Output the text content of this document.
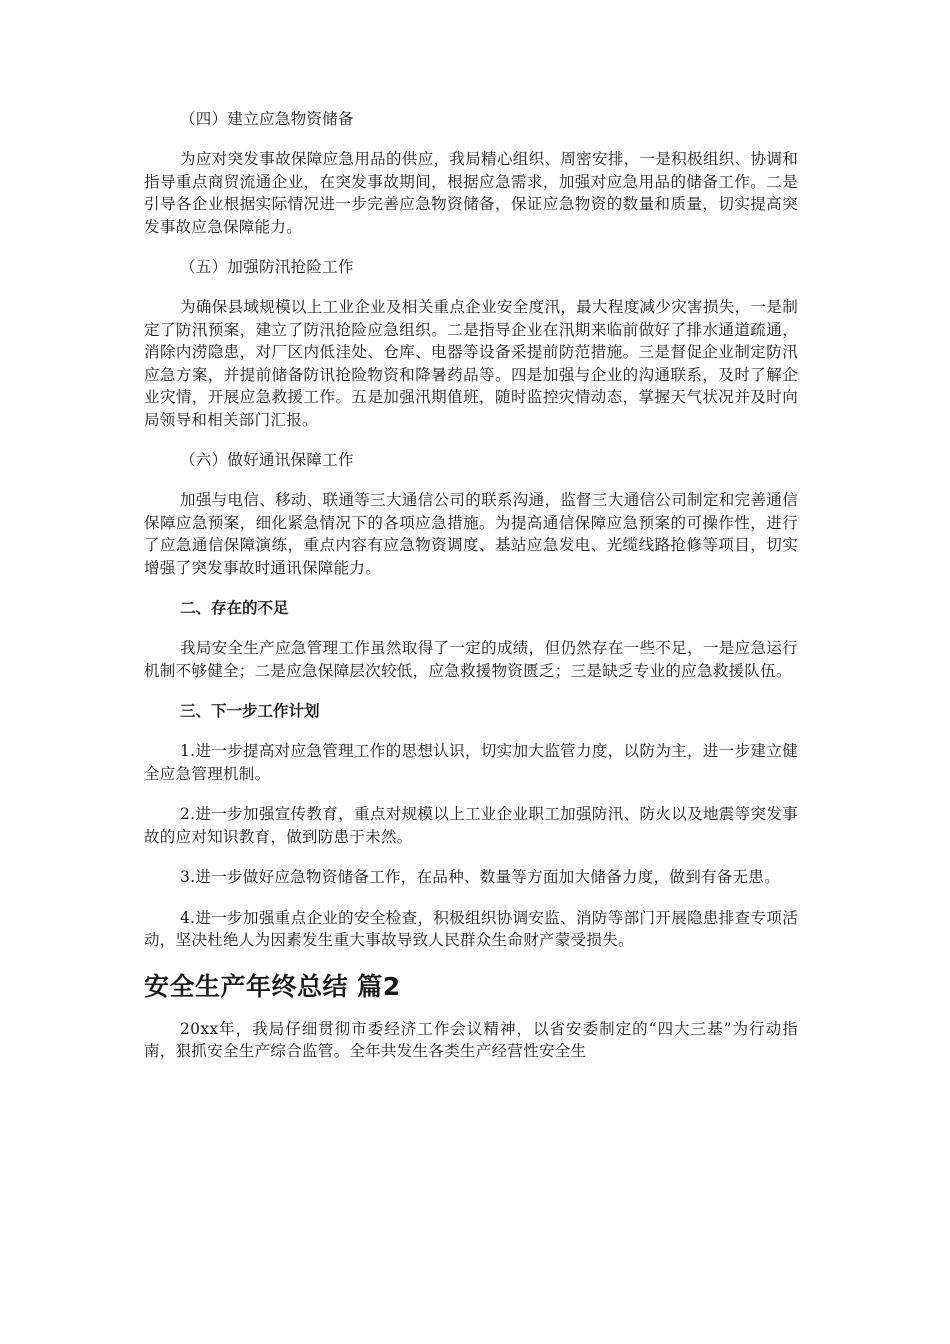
（四）建立应急物资储备

为应对突发事故保障应急用品的供应，我局精心组织、周密安排，一是积极组织、协调和指导重点商贸流通企业，在突发事故期间，根据应急需求，加强对应急用品的储备工作。二是引导各企业根据实际情况进一步完善应急物资储备，保证应急物资的数量和质量，切实提高突发事故应急保障能力。

（五）加强防汛抢险工作

为确保县域规模以上工业企业及相关重点企业安全度汛，最大程度减少灾害损失，一是制定了防汛预案，建立了防汛抢险应急组织。二是指导企业在汛期来临前做好了排水通道疏通，消除内涝隐患，对厂区内低洼处、仓库、电器等设备采提前防范措施。三是督促企业制定防汛应急方案，并提前储备防讯抢险物资和降暑药品等。四是加强与企业的沟通联系，及时了解企业灾情，开展应急救援工作。五是加强汛期值班，随时监控灾情动态，掌握天气状况并及时向局领导和相关部门汇报。

（六）做好通讯保障工作

加强与电信、移动、联通等三大通信公司的联系沟通，监督三大通信公司制定和完善通信保障应急预案，细化紧急情况下的各项应急措施。为提高通信保障应急预案的可操作性，进行了应急通信保障演练，重点内容有应急物资调度、基站应急发电、光缆线路抢修等项目，切实增强了突发事故时通讯保障能力。

二、存在的不足

我局安全生产应急管理工作虽然取得了一定的成绩，但仍然存在一些不足，一是应急运行机制不够健全；二是应急保障层次较低，应急救援物资匮乏；三是缺乏专业的应急救援队伍。

三、下一步工作计划

1.进一步提高对应急管理工作的思想认识，切实加大监管力度，以防为主，进一步建立健全应急管理机制。

2.进一步加强宣传教育，重点对规模以上工业企业职工加强防汛、防火以及地震等突发事故的应对知识教育，做到防患于未然。

3.进一步做好应急物资储备工作，在品种、数量等方面加大储备力度，做到有备无患。

4.进一步加强重点企业的安全检查，积极组织协调安监、消防等部门开展隐患排查专项活动，坚决杜绝人为因素发生重大事故导致人民群众生命财产蒙受损失。

安全生产年终总结 篇2

20xx年，我局仔细贯彻市委经济工作会议精神，以省安委制定的“四大三基”为行动指南，狠抓安全生产综合监管。全年共发生各类生产经营性安全生
